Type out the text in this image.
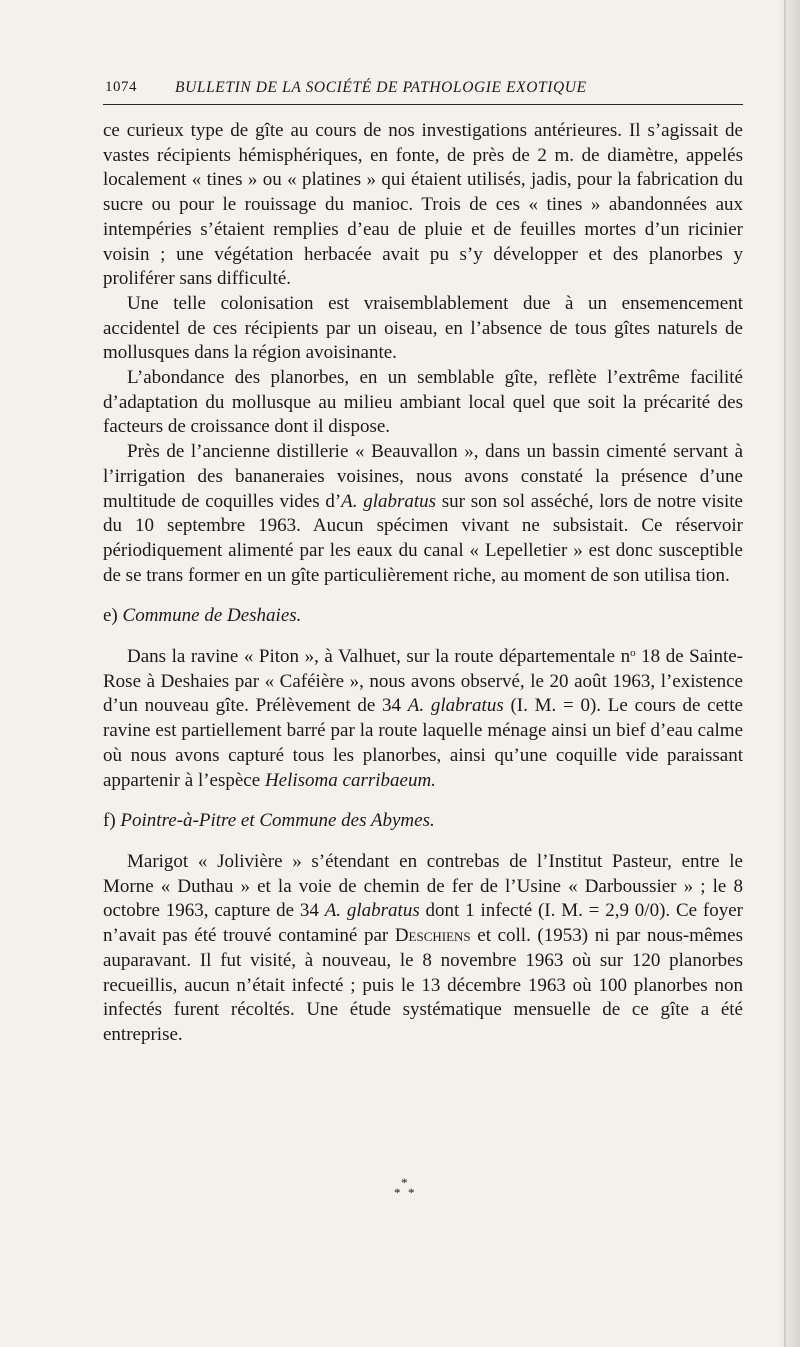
1074 BULLETIN DE LA SOCIÉTÉ DE PATHOLOGIE EXOTIQUE

ce curieux type de gîte au cours de nos investigations antérieures. Il s’agissait de vastes récipients hémisphériques, en fonte, de près de 2 m. de diamètre, appelés localement « tines » ou « platines » qui étaient utilisés, jadis, pour la fabrication du sucre ou pour le rouissage du manioc. Trois de ces « tines » abandonnées aux intempéries s’étaient remplies d’eau de pluie et de feuilles mortes d’un ricinier voisin ; une végétation herbacée avait pu s’y développer et des planorbes y proliférer sans difficulté.

Une telle colonisation est vraisemblablement due à un ensemencement accidentel de ces récipients par un oiseau, en l’absence de tous gîtes naturels de mollusques dans la région avoisinante.

L’abondance des planorbes, en un semblable gîte, reflète l’extrême facilité d’adaptation du mollusque au milieu ambiant local quel que soit la précarité des facteurs de croissance dont il dispose.

Près de l’ancienne distillerie « Beauvallon », dans un bassin cimenté servant à l’irrigation des bananeraies voisines, nous avons constaté la présence d’une multitude de coquilles vides d’A. glabratus sur son sol asséché, lors de notre visite du 10 septembre 1963. Aucun spécimen vivant ne subsistait. Ce réservoir périodiquement alimenté par les eaux du canal « Lepelletier » est donc susceptible de se trans former en un gîte particulièrement riche, au moment de son utilisa tion.

e) Commune de Deshaies.

Dans la ravine « Piton », à Valhuet, sur la route départementale $n^o$ 18 de Sainte-Rose à Deshaies par « Caféière », nous avons observé, le 20 août 1963, l’existence d’un nouveau gîte. Prélèvement de 34 A. glabratus (I. M. = 0). Le cours de cette ravine est partiellement barré par la route laquelle ménage ainsi un bief d’eau calme où nous avons capturé tous les planorbes, ainsi qu’une coquille vide paraissant appartenir à l’espèce Helisoma carribaeum.

f) Pointre-à-Pitre et Commune des Abymes.

Marigot « Jolivière » s’étendant en contrebas de l’Institut Pasteur, entre le Morne « Duthau » et la voie de chemin de fer de l’Usine « Darboussier » ; le 8 octobre 1963, capture de 34 A. glabratus dont 1 infecté (I. M. = 2,9 0/0). Ce foyer n’avait pas été trouvé contaminé par Deschiens et coll. (1953) ni par nous-mêmes auparavant. Il fut visité, à nouveau, le 8 novembre 1963 où sur 120 planorbes recueillis, aucun n’était infecté ; puis le 13 décembre 1963 où 100 planorbes non infectés furent récoltés. Une étude systématique mensuelle de ce gîte a été entreprise.

*
* *
